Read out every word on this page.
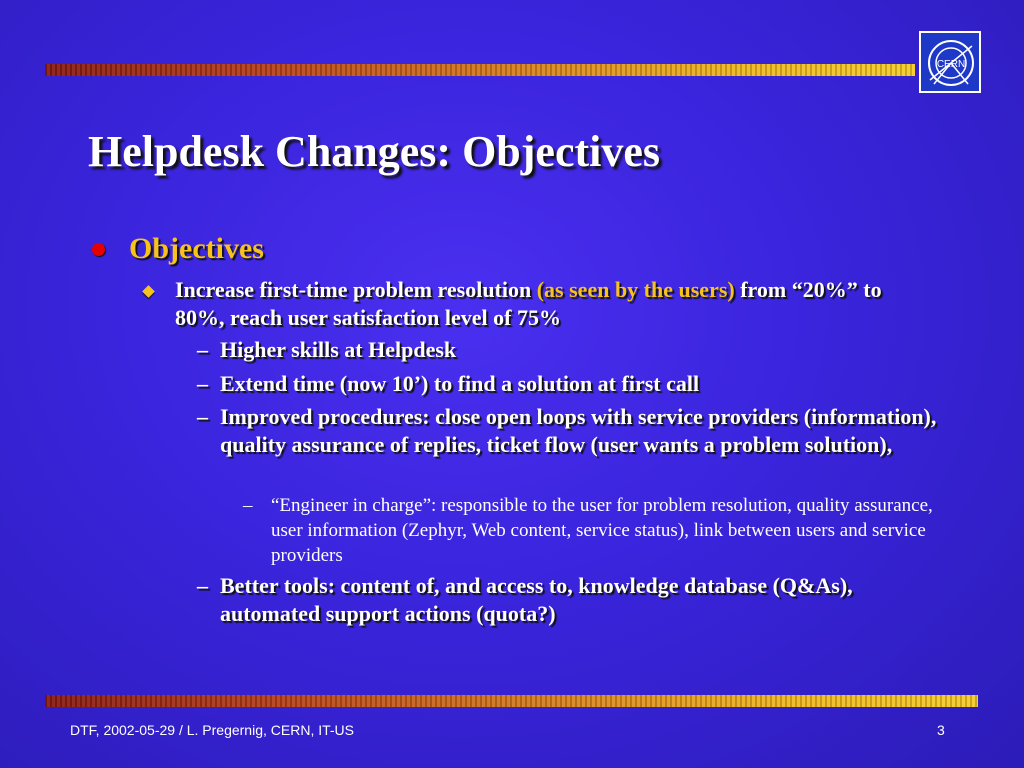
CERN
Helpdesk Changes: Objectives
Objectives
Increase first-time problem resolution (as seen by the users) from “20%” to 80%, reach user satisfaction level of 75%
– Higher skills at Helpdesk
– Extend time (now 10’) to find a solution at first call
– Improved procedures: close open loops with service providers (information), quality assurance of replies, ticket flow (user wants a problem solution),
– “Engineer in charge”: responsible to the user for problem resolution, quality assurance, user information (Zephyr, Web content, service status), link between users and service providers
– Better tools: content of, and access to, knowledge database (Q&As), automated support actions (quota?)
DTF, 2002-05-29 / L. Pregernig, CERN, IT-US	3
